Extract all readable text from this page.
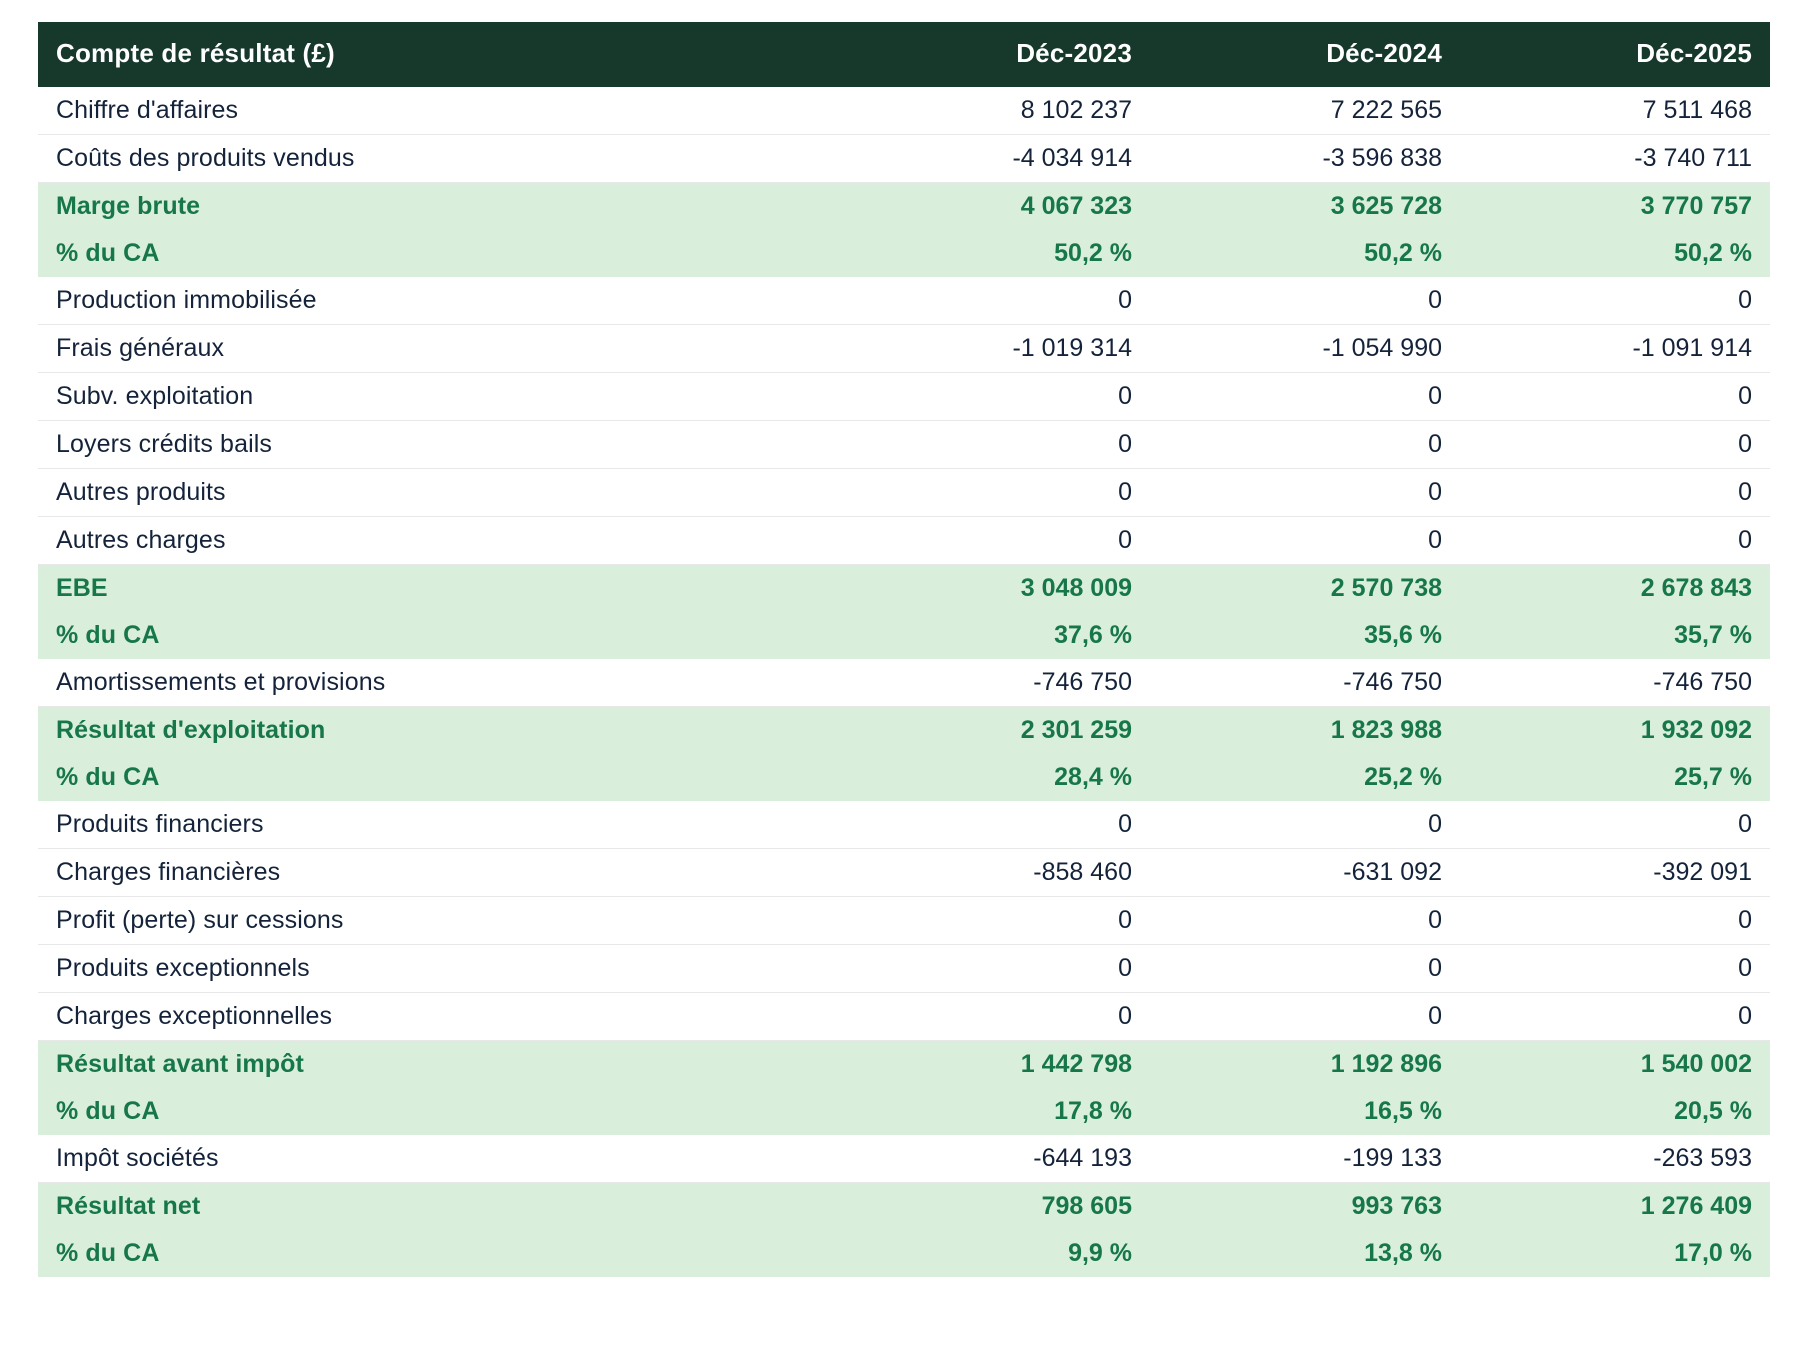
Compte de résultat (£)	Déc-2023	Déc-2024	Déc-2025
Chiffre d'affaires	8 102 237	7 222 565	7 511 468
Coûts des produits vendus	-4 034 914	-3 596 838	-3 740 711
Marge brute	4 067 323	3 625 728	3 770 757
% du CA	50,2 %	50,2 %	50,2 %
Production immobilisée	0	0	0
Frais généraux	-1 019 314	-1 054 990	-1 091 914
Subv. exploitation	0	0	0
Loyers crédits bails	0	0	0
Autres produits	0	0	0
Autres charges	0	0	0
EBE	3 048 009	2 570 738	2 678 843
% du CA	37,6 %	35,6 %	35,7 %
Amortissements et provisions	-746 750	-746 750	-746 750
Résultat d'exploitation	2 301 259	1 823 988	1 932 092
% du CA	28,4 %	25,2 %	25,7 %
Produits financiers	0	0	0
Charges financières	-858 460	-631 092	-392 091
Profit (perte) sur cessions	0	0	0
Produits exceptionnels	0	0	0
Charges exceptionnelles	0	0	0
Résultat avant impôt	1 442 798	1 192 896	1 540 002
% du CA	17,8 %	16,5 %	20,5 %
Impôt sociétés	-644 193	-199 133	-263 593
Résultat net	798 605	993 763	1 276 409
% du CA	9,9 %	13,8 %	17,0 %
